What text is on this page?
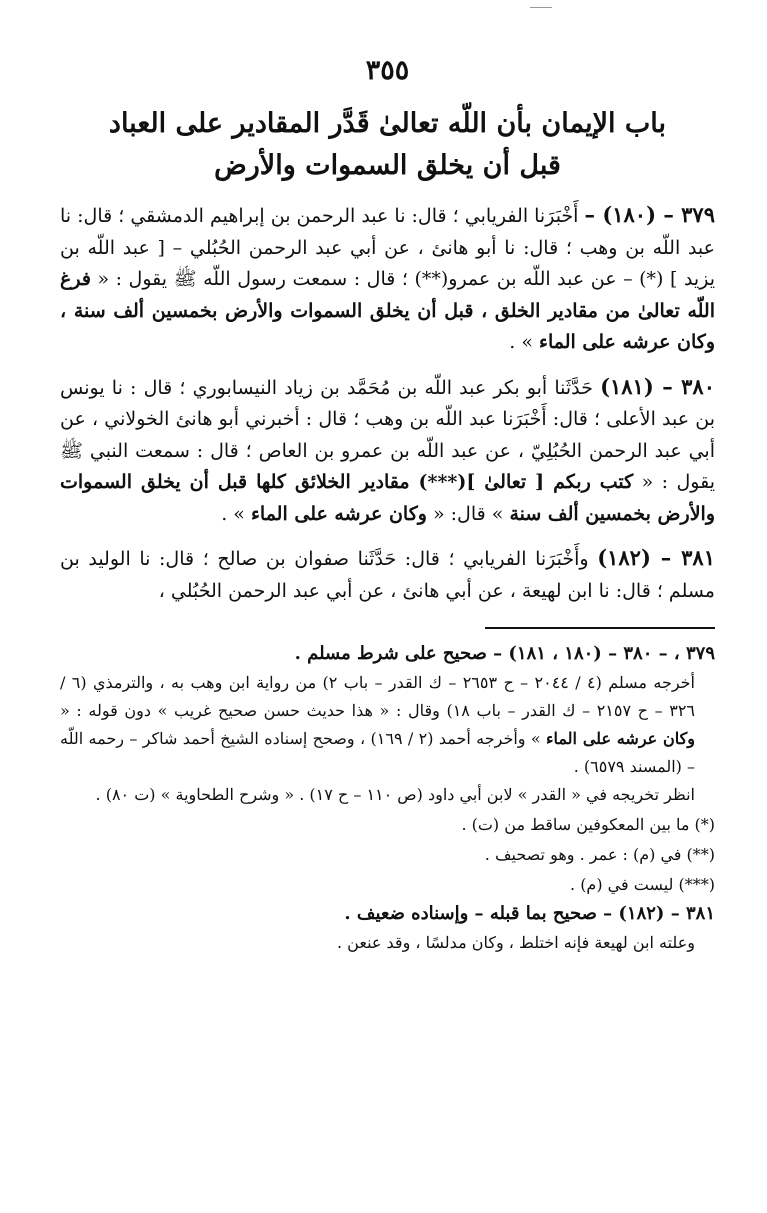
٣٥٥
باب الإيمان بأن اللّه تعالىٰ قَدَّر المقادير على العباد
قبل أن يخلق السموات والأرض

٣٧٩ – (١٨٠) – أَخْبَرَنا الفريابي ؛ قال: نا عبد الرحمن بن إبراهيم الدمشقي ؛ قال: نا عبد اللّه بن وهب ؛ قال: نا أبو هانئ ، عن أبي عبد الرحمن الحُبُلي – [ عبد اللّه بن يزيد ] (*) – عن عبد اللّه بن عمرو(**) ؛ قال : سمعت رسول اللّه ﷺ يقول : « فرغ اللّه تعالىٰ من مقادير الخلق ، قبل أن يخلق السموات والأرض بخمسين ألف سنة ، وكان عرشه على الماء » .

٣٨٠ – (١٨١) حَدَّثَنا أبو بكر عبد اللّه بن مُحَمَّد بن زياد النيسابوري ؛ قال : نا يونس بن عبد الأعلى ؛ قال: أَخْبَرَنا عبد اللّه بن وهب ؛ قال : أخبرني أبو هانئ الخولاني ، عن أبي عبد الرحمن الحُبُلِيّ ، عن عبد اللّه بن عمرو بن العاص ؛ قال : سمعت النبي ﷺ يقول : « كتب ربكم [ تعالىٰ ](***) مقادير الخلائق كلها قبل أن يخلق السموات والأرض بخمسين ألف سنة » قال: « وكان عرشه على الماء » .

٣٨١ – (١٨٢) وأَخْبَرَنا الفريابي ؛ قال: حَدَّثَنا صفوان بن صالح ؛ قال: نا الوليد بن مسلم ؛ قال: نا ابن لهيعة ، عن أبي هانئ ، عن أبي عبد الرحمن الحُبُلي ،

٣٧٩ ، – ٣٨٠ – (١٨٠ ، ١٨١) – صحيح على شرط مسلم .

أخرجه مسلم (٤ / ٢٠٤٤ – ح ٢٦٥٣ – ك القدر – باب ٢) من رواية ابن وهب به ، والترمذي (٦ / ٣٢٦ – ح ٢١٥٧ – ك القدر – باب ١٨) وقال : « هذا حديث حسن صحيح غريب » دون قوله : « وكان عرشه على الماء » وأخرجه أحمد (٢ / ١٦٩) ، وصحح إسناده الشيخ أحمد شاكر – رحمه اللّه – (المسند ٦٥٧٩) .

انظر تخريجه في « القدر » لابن أبي داود (ص ١١٠ – ح ١٧) . « وشرح الطحاوية » (ت ٨٠) .

(*) ما بين المعكوفين ساقط من (ت) .

(**) في (م) : عمر . وهو تصحيف .

(***) ليست في (م) .

٣٨١ – (١٨٢) – صحيح بما قبله – وإسناده ضعيف .

وعلته ابن لهيعة فإنه اختلط ، وكان مدلسًا ، وقد عنعن .
